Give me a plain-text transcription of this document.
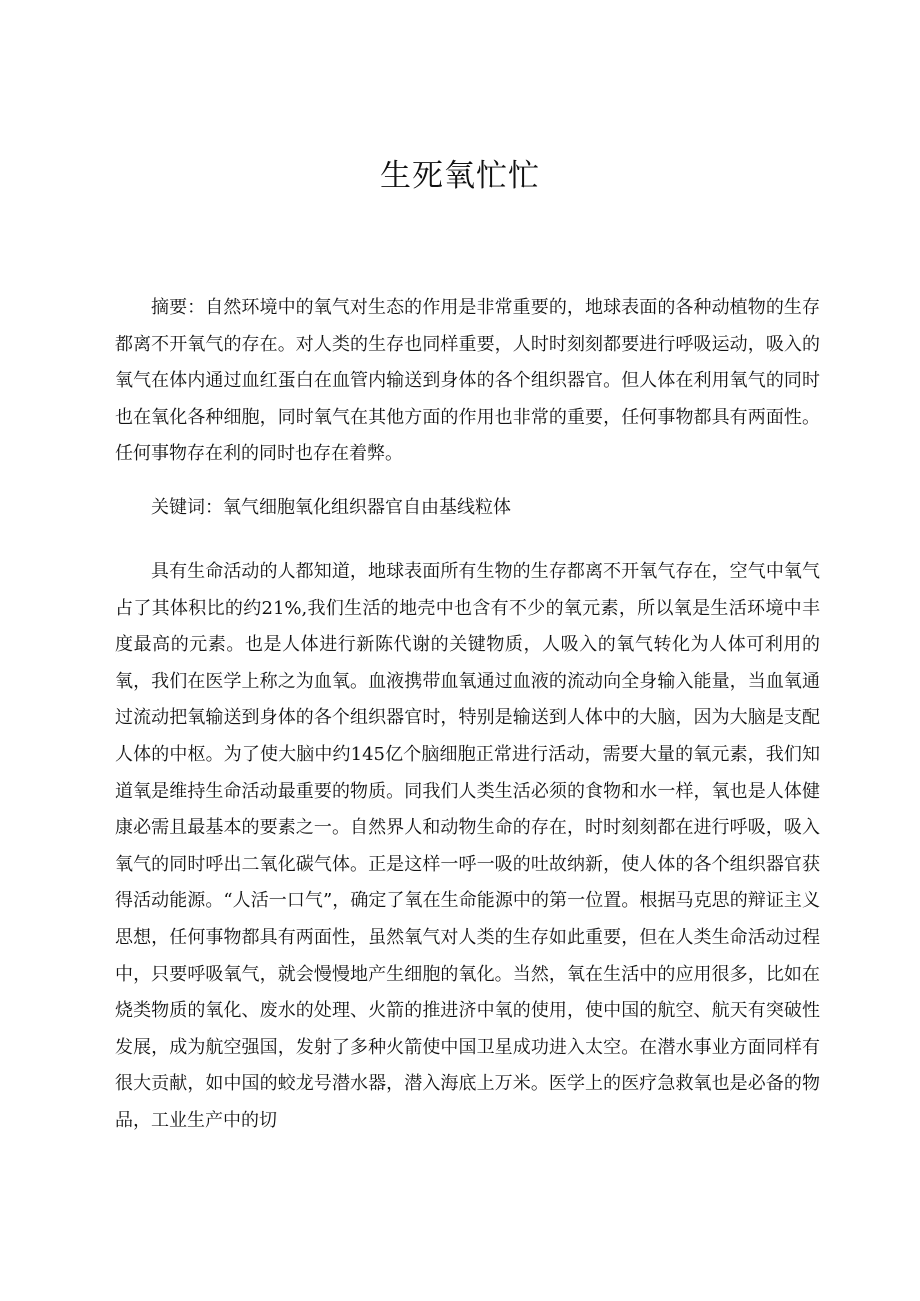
生死氧忙忙

摘要：自然环境中的氧气对生态的作用是非常重要的，地球表面的各种动植物的生存都离不开氧气的存在。对人类的生存也同样重要，人时时刻刻都要进行呼吸运动，吸入的氧气在体内通过血红蛋白在血管内输送到身体的各个组织器官。但人体在利用氧气的同时也在氧化各种细胞，同时氧气在其他方面的作用也非常的重要，任何事物都具有两面性。任何事物存在利的同时也存在着弊。

关键词：氧气细胞氧化组织器官自由基线粒体

具有生命活动的人都知道，地球表面所有生物的生存都离不开氧气存在，空气中氧气占了其体积比的约21%,我们生活的地壳中也含有不少的氧元素，所以氧是生活环境中丰度最高的元素。也是人体进行新陈代谢的关键物质，人吸入的氧气转化为人体可利用的氧，我们在医学上称之为血氧。血液携带血氧通过血液的流动向全身输入能量，当血氧通过流动把氧输送到身体的各个组织器官时，特别是输送到人体中的大脑，因为大脑是支配人体的中枢。为了使大脑中约145亿个脑细胞正常进行活动，需要大量的氧元素，我们知道氧是维持生命活动最重要的物质。同我们人类生活必须的食物和水一样，氧也是人体健康必需且最基本的要素之一。自然界人和动物生命的存在，时时刻刻都在进行呼吸，吸入氧气的同时呼出二氧化碳气体。正是这样一呼一吸的吐故纳新，使人体的各个组织器官获得活动能源。“人活一口气”，确定了氧在生命能源中的第一位置。根据马克思的辩证主义思想，任何事物都具有两面性，虽然氧气对人类的生存如此重要，但在人类生命活动过程中，只要呼吸氧气，就会慢慢地产生细胞的氧化。当然，氧在生活中的应用很多，比如在烧类物质的氧化、废水的处理、火箭的推进济中氧的使用，使中国的航空、航天有突破性发展，成为航空强国，发射了多种火箭使中国卫星成功进入太空。在潜水事业方面同样有很大贡献，如中国的蛟龙号潜水器，潜入海底上万米。医学上的医疗急救氧也是必备的物品，工业生产中的切
